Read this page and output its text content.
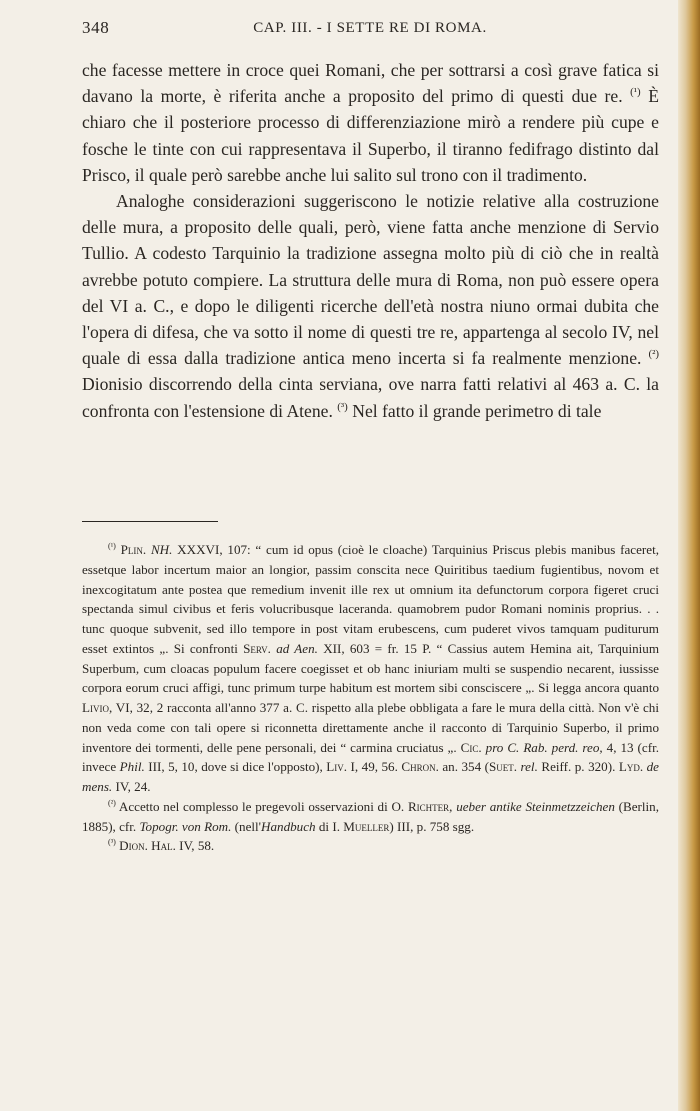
348	CAP. III. - I SETTE RE DI ROMA.

che facesse mettere in croce quei Romani, che per sottrarsi a così grave fatica si davano la morte, è riferita anche a proposito del primo di questi due re. $^{(^1)}$ È chiaro che il posteriore processo di differenziazione mirò a rendere più cupe e fosche le tinte con cui rappresentava il Superbo, il tiranno fedifrago distinto dal Prisco, il quale però sarebbe anche lui salito sul trono con il tradimento.
Analoghe considerazioni suggeriscono le notizie relative alla costruzione delle mura, a proposito delle quali, però, viene fatta anche menzione di Servio Tullio. A codesto Tarquinio la tradizione assegna molto più di ciò che in realtà avrebbe potuto compiere. La struttura delle mura di Roma, non può essere opera del VI a. C., e dopo le diligenti ricerche dell'età nostra niuno ormai dubita che l'opera di difesa, che va sotto il nome di questi tre re, appartenga al secolo IV, nel quale di essa dalla tradizione antica meno incerta si fa realmente menzione. $^{(^2)}$ Dionisio discorrendo della cinta serviana, ove narra fatti relativi al 463 a. C. la confronta con l'estensione di Atene. $^{(^3)}$ Nel fatto il grande perimetro di tale

$^{(^1)}$ Plin. NH. XXXVI, 107: “ cum id opus (cioè le cloache) Tarquinius Priscus plebis manibus faceret, essetque labor incertum maior an longior, passim conscita nece Quiritibus taedium fugientibus, novom et inexcogitatum ante postea que remedium invenit ille rex ut omnium ita defunctorum corpora figeret cruci spectanda simul civibus et feris volucribusque laceranda. quamobrem pudor Romani nominis proprius. . . tunc quoque subvenit, sed illo tempore in post vitam erubescens, cum puderet vivos tamquam puditurum esset extintos „. Si confronti Serv. ad Aen. XII, 603 = fr. 15 P. “ Cassius autem Hemina ait, Tarquinium Superbum, cum cloacas populum facere coegisset et ob hanc iniuriam multi se suspendio necarent, iussisse corpora eorum cruci affigi, tunc primum turpe habitum est mortem sibi consciscere „. Si legga ancora quanto Livio, VI, 32, 2 racconta all'anno 377 a. C. rispetto alla plebe obbligata a fare le mura della città. Non v'è chi non veda come con tali opere si riconnetta direttamente anche il racconto di Tarquinio Superbo, il primo inventore dei tormenti, delle pene personali, dei “ carmina cruciatus „. Cic. pro C. Rab. perd. reo, 4, 13 (cfr. invece Phil. III, 5, 10, dove si dice l'opposto), Liv. I, 49, 56. Chron. an. 354 (Suet. rel. Reiff. p. 320). Lyd. de mens. IV, 24.

$^{(^2)}$ Accetto nel complesso le pregevoli osservazioni di O. Richter, ueber antike Steinmetzzeichen (Berlin, 1885), cfr. Topogr. von Rom. (nell'Handbuch di I. Mueller) III, p. 758 sgg.

$^{(^3)}$ Dion. Hal. IV, 58.
